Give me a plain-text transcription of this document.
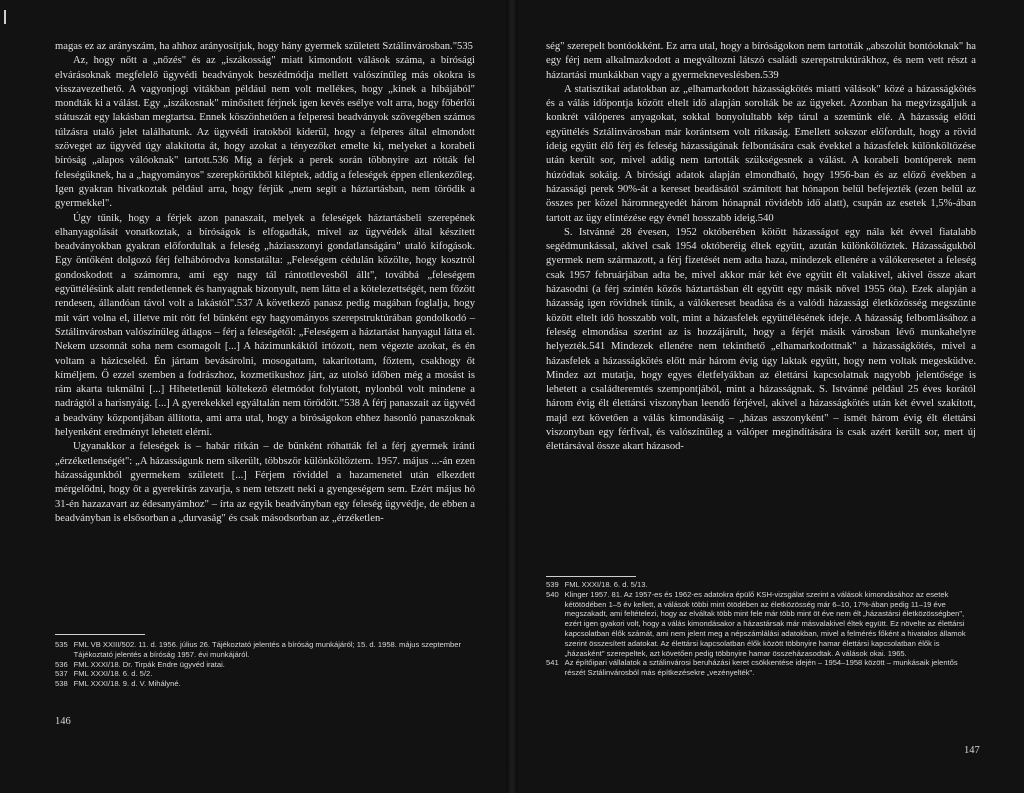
magas ez az arányszám, ha ahhoz arányosítjuk, hogy hány gyermek született Sztálinvárosban."535

Az, hogy nőtt a „nőzés" és az „iszákosság" miatt kimondott válások száma, a bírósági elvárásoknak megfelelő ügyvédi beadványok beszédmódja mellett valószínűleg más okokra is visszavezethető. A vagyonjogi vitákban például nem volt mellékes, hogy „kinek a hibájából" mondták ki a válást. Egy „iszákosnak" minősített férjnek igen kevés esélye volt arra, hogy főbérlői státuszát egy lakásban megtartsa. Ennek köszönhetően a felperesi beadványok szövegében számos túlzásra utaló jelet találhatunk. Az ügyvédi iratokból kiderül, hogy a felperes által elmondott szöveget az ügyvéd úgy alakította át, hogy azokat a tényezőket emelte ki, melyeket a korabeli bíróság „alapos válóoknak" tartott.536 Míg a férjek a perek során többnyire azt rótták fel feleségüknek, ha a „hagyományos" szerepkörükből kiléptek, addig a feleségek éppen ellenkezőleg. Igen gyakran hivatkoztak például arra, hogy férjük „nem segít a háztartásban, nem törődik a gyermekkel".

Úgy tűnik, hogy a férjek azon panaszait, melyek a feleségek háztartásbeli szerepének elhanyagolását vonatkoztak, a bíróságok is elfogadták, mivel az ügyvédek által készített beadványokban gyakran előfordultak a feleség „háziasszonyi gondatlanságára" utaló kifogások. Egy öntőként dolgozó férj felhábórodva konstatálta: „Feleségem cédulán közölte, hogy kosztról gondoskodott a számomra, ami egy nagy tál rántottlevesből állt", továbbá „feleségem együttélésünk alatt rendetlennek és hanyagnak bizonyult, nem látta el a kötelezettségét, nem főzött rendesen, állandóan távol volt a lakástól".537 A következő panasz pedig magában foglalja, hogy mit várt volna el, illetve mit rótt fel bűnként egy hagyományos szerepstruktúrában gondolkodó – Sztálinvárosban valószínűleg átlagos – férj a feleségétől: „Feleségem a háztartást hanyagul látta el. Nekem uzsonnát soha nem csomagolt [...] A házimunkáktól irtózott, nem végezte azokat, és én voltam a házicseléd. Én jártam bevásárolni, mosogattam, takarítottam, főztem, csakhogy őt kíméljem. Ő ezzel szemben a fodrászhoz, kozmetikushoz járt, az utolsó időben még a mosást is rám akarta tukmálni [...] Hihetetlenül költekező életmódot folytatott, nylonból volt mindene a nadrágtól a harisnyáig. [...] A gyerekekkel egyáltalán nem törődött."538 A férj panaszait az ügyvéd a beadvány központjában állította, ami arra utal, hogy a bíróságokon ehhez hasonló panaszoknak helyenként eredményt lehetett elérni.

Ugyanakkor a feleségek is – habár ritkán – de bűnként róhatták fel a férj gyermek iránti „érzéketlenségét": „A házasságunk nem sikerült, többször különköltöztem. 1957. május ...-án ezen házasságunkból gyermekem született [...] Férjem röviddel a hazamenetel után elkezdett mérgelődni, hogy őt a gyerekírás zavarja, s nem tetszett neki a gyengeségem sem. Ezért május hó 31-én hazazavart az édesanyámhoz" – írta az egyik beadványban egy feleség ügyvédje, de ebben a beadványban is elsősorban a „durvaság" és csak másodsorban az „érzéketlen-

535 FML VB XXIII/502. 11. d. 1956. július 26. Tájékoztató jelentés a bíróság munkájáról; 15. d. 1958. május szeptember Tájékoztató jelentés a bíróság 1957. évi munkájáról.
536 FML XXXI/18. Dr. Tirpák Endre ügyvéd iratai.
537 FML XXXI/18. 6. d. 5/2.
538 FML XXXI/18. 9. d. V. Mihályné.
146

ség" szerepelt bontóokként. Ez arra utal, hogy a bíróságokon nem tartották „abszolút bontóoknak" ha egy férj nem alkalmazkodott a megváltozni látszó családi szerepstruktúrákhoz, és nem vett részt a háztartási munkákban vagy a gyermekneveslésben.539

A statisztikai adatokban az „elhamarkodott házasságkötés miatti válások" közé a házasságkötés és a válás időpontja között eltelt idő alapján sorolták be az ügyeket. Azonban ha megvizsgáljuk a konkrét válóperes anyagokat, sokkal bonyolultabb kép tárul a szemünk elé. A házasság előtti együttélés Sztálinvárosban már korántsem volt ritkaság. Emellett sokszor előfordult, hogy a rövid ideig együtt élő férj és feleség házasságának felbontására csak évekkel a házasfelek különköltözése után került sor, mivel addig nem tartották szükségesnek a válást. A korabeli bontóperek nem húzódtak sokáig. A bírósági adatok alapján elmondható, hogy 1956-ban és az előző években a házassági perek 90%-át a kereset beadásától számított hat hónapon belül befejezték (ezen belül az összes per közel háromnegyedét három hónapnál rövidebb idő alatt), csupán az esetek 1,5%-ában tartott az ügy elintézése egy évnél hosszabb ideig.540

S. Istvánné 28 évesen, 1952 októberében kötött házasságot egy nála két évvel fiatalabb segédmunkással, akivel csak 1954 októberéig éltek együtt, azután különköltöztek. Házasságukból gyermek nem származott, a férj fizetését nem adta haza, mindezek ellenére a válókeresetet a feleség csak 1957 februárjában adta be, mivel akkor már két éve együtt élt valakivel, akivel össze akart házasodni (a férj szintén közös háztartásban élt együtt egy másik nővel 1955 óta). Ezek alapján a házasság igen rövidnek tűnik, a válókereset beadása és a valódi házassági életközösség megszűnte között eltelt idő hosszabb volt, mint a házasfelek együttélésének ideje. A házasság felbomlásához a feleség elmondása szerint az is hozzájárult, hogy a férjét másik városban lévő munkahelyre helyezték.541 Mindezek ellenére nem tekinthető „elhamarkodottnak" a házasságkötés, mivel a házasfelek a házasságkötés előtt már három évig úgy laktak együtt, hogy nem voltak megesküdve. Mindez azt mutatja, hogy egyes életfelyákban az élettársi kapcsolatnak nagyobb jelentősége is lehetett a családteremtés szempontjából, mint a házasságnak. S. Istvánné például 25 éves korától három évig élt élettársi viszonyban leendő férjével, akivel a házasságkötés után két évvel szakított, majd ezt követően a válás kimondásáig – „házas asszonyként" – ismét három évig élt élettársi viszonyban egy férfival, és valószínűleg a válóper megindítására is csak azért került sor, mert új élettársával össze akart házasod-

539 FML XXXI/18. 6. d. 5/13.
540 Klinger 1957. 81. Az 1957-es és 1962-es adatokra épülő KSH-vizsgálat szerint a válások kimondásához az esetek kétötödében 1–5 év kellett, a válások többi mint ötödében az életközösség már 6–10, 17%-ában pedig 11–19 éve megszakadt, ami feltételezi, hogy az elváltak több mint fele már több mint öt éve nem élt „házastársi életközösségben", ezért igen gyakori volt, hogy a válás kimondásakor a házastársak már másvalakivel éltek együtt. Ez növelte az élettársi kapcsolatban élők számát, ami nem jelent meg a népszámlálási adatokban, mivel a felmérés főként a hivatalos államok szerint összesített adatokat. Az élettársi kapcsolatban élők között többnyire hamar élettársi kapcsolatban élők is „házasként" szerepeltek, azt követően pedig többnyire hamar összeházasodtak. A válások okai. 1965.
541 Az építőipari vállalatok a sztálinvárosi beruházási keret csökkentése idején – 1954–1958 között – munkásaik jelentős részét Sztálinvárosból más építkezésekre „vezényelték".
147
